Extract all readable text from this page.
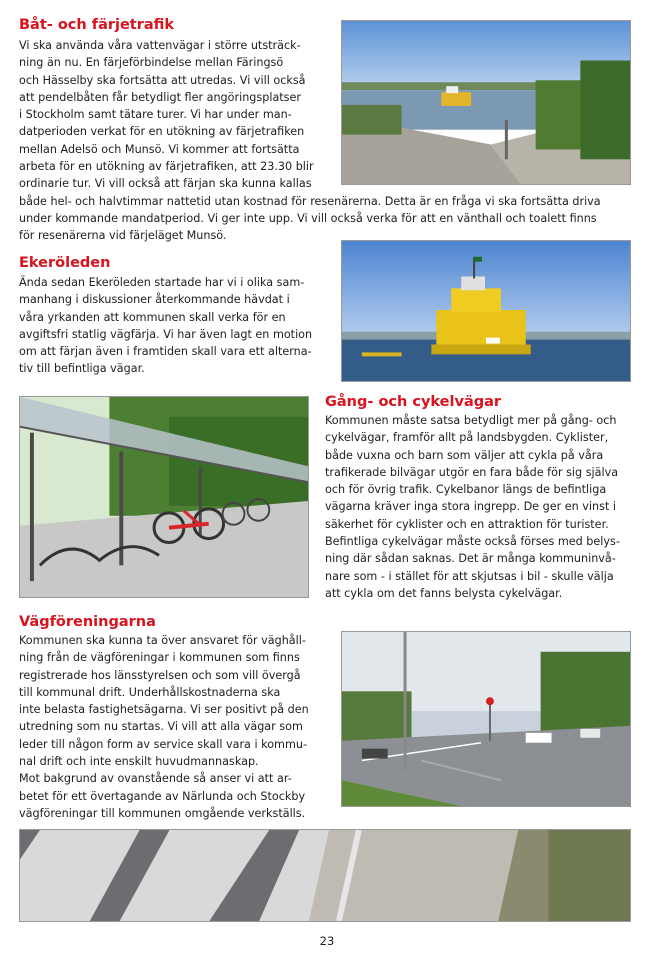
Båt- och färjetrafik

Vi ska använda våra vattenvägar i större utsträck-
ning än nu. En färjeförbindelse mellan Färingsö
och Hässelby ska fortsätta att utredas. Vi vill också
att pendelbåten får betydligt fler angöringsplatser
i Stockholm samt tätare turer. Vi har under man-
datperioden verkat för en utökning av färjetrafiken
mellan Adelsö och Munsö. Vi kommer att fortsätta
arbeta för en utökning av färjetrafiken, att 23.30 blir
ordinarie tur. Vi vill också att färjan ska kunna kallas
både hel- och halvtimmar nattetid utan kostnad för resenärerna. Detta är en fråga vi ska fortsätta driva
under kommande mandatperiod. Vi ger inte upp. Vi vill också verka för att en vänthall och toalett finns
för resenärerna vid färjeläget Munsö.

Ekeröleden

Ända sedan Ekeröleden startade har vi i olika sam-
manhang i diskussioner återkommande hävdat i
våra yrkanden att kommunen skall verka för en
avgiftsfri statlig vägfärja. Vi har även lagt en motion
om att färjan även i framtiden skall vara ett alterna-
tiv till befintliga vägar.

Gång- och cykelvägar

Kommunen måste satsa betydligt mer på gång- och
cykelvägar, framför allt på landsbygden. Cyklister,
både vuxna och barn som väljer att cykla på våra
trafikerade bilvägar utgör en fara både för sig själva
och för övrig trafik. Cykelbanor längs de befintliga
vägarna kräver inga stora ingrepp. De ger en vinst i
säkerhet för cyklister och en attraktion för turister.
Befintliga cykelvägar måste också förses med belys-
ning där sådan saknas. Det är många kommuninvå-
nare som - i stället för att skjutsas i bil - skulle välja
att cykla om det fanns belysta cykelvägar.

Vägföreningarna

Kommunen ska kunna ta över ansvaret för väghåll-
ning från de vägföreningar i kommunen som finns
registrerade hos länsstyrelsen och som vill övergå
till kommunal drift. Underhållskostnaderna ska
inte belasta fastighetsägarna. Vi ser positivt på den
utredning som nu startas. Vi vill att alla vägar som
leder till någon form av service skall vara i kommu-
nal drift och inte enskilt huvudmannaskap.
Mot bakgrund av ovanstående så anser vi att ar-
betet för ett övertagande av Närlunda och Stockby
vägföreningar till kommunen omgående verkställs.

23
